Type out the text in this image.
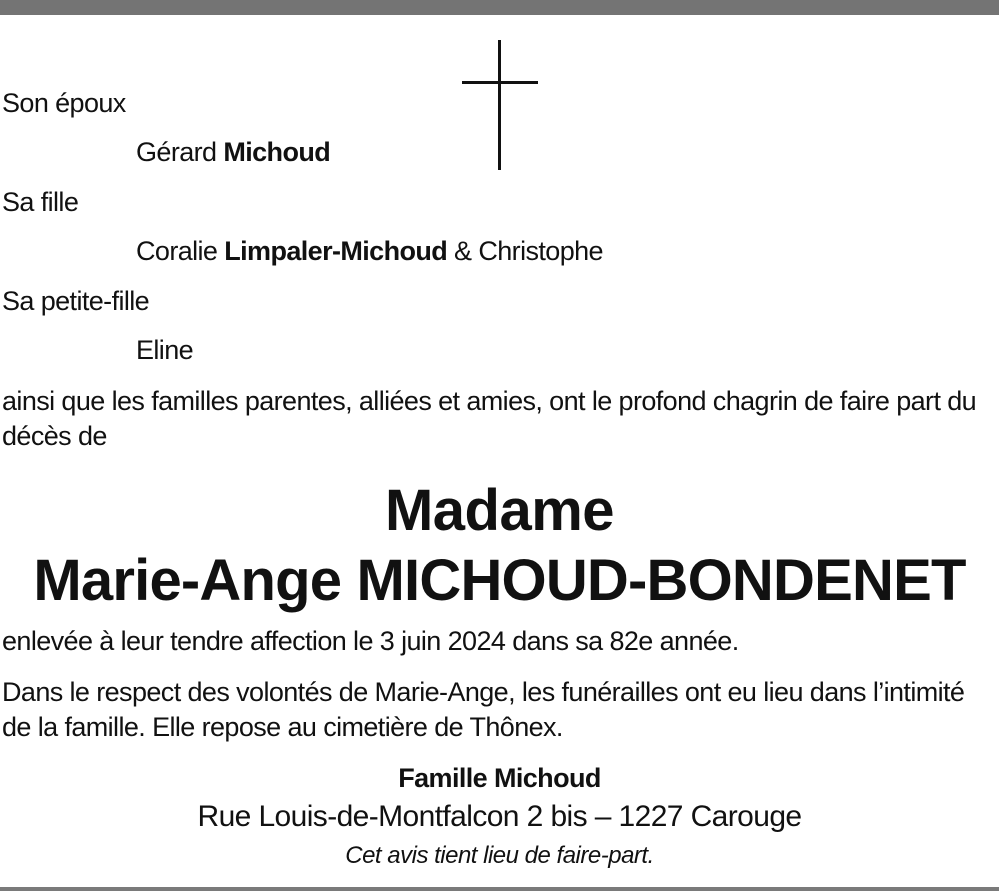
Son époux
Gérard Michoud
Sa fille
Coralie Limpaler-Michoud & Christophe
Sa petite-fille
Eline
ainsi que les familles parentes, alliées et amies, ont le profond chagrin de faire part du décès de
Madame
Marie-Ange MICHOUD-BONDENET
enlevée à leur tendre affection le 3 juin 2024 dans sa 82e année.
Dans le respect des volontés de Marie-Ange, les funérailles ont eu lieu dans l’intimité de la famille. Elle repose au cimetière de Thônex.
Famille Michoud
Rue Louis-de-Montfalcon 2 bis – 1227 Carouge
Cet avis tient lieu de faire-part.
